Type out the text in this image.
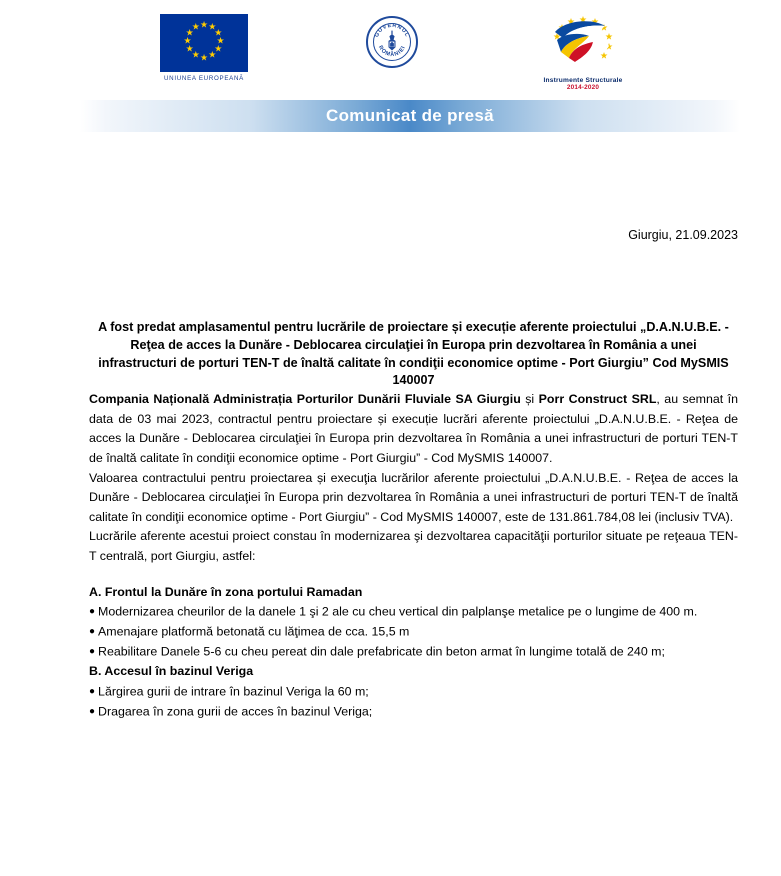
★ ★
★
★
★
★
★
★
★
★
★
★
UNIUNEA EUROPEANĂ
GUVERNUL
ROMÂNIEI
Instrumente Structurale
2014-2020
Comunicat de presă
Giurgiu, 21.09.2023
A fost predat amplasamentul pentru lucrările de proiectare și execuție aferente proiectului „D.A.N.U.B.E. - Reţea de acces la Dunăre - Deblocarea circulaţiei în Europa prin dezvoltarea în România a unei infrastructuri de porturi TEN-T de înaltă calitate în condiţii economice optime - Port Giurgiu” Cod MySMIS 140007

Compania Națională Administrația Porturilor Dunării Fluviale SA Giurgiu și Porr Construct SRL, au semnat în data de 03 mai 2023, contractul pentru proiectare și execuție lucrări aferente proiectului „D.A.N.U.B.E. - Reţea de acces la Dunăre - Deblocarea circulaţiei în Europa prin dezvoltarea în România a unei infrastructuri de porturi TEN-T de înaltă calitate în condiţii economice optime - Port Giurgiu” - Cod MySMIS 140007.

Valoarea contractului pentru proiectarea și execuţia lucrărilor aferente proiectului „D.A.N.U.B.E. - Reţea de acces la Dunăre - Deblocarea circulaţiei în Europa prin dezvoltarea în România a unei infrastructuri de porturi TEN-T de înaltă calitate în condiţii economice optime - Port Giurgiu” - Cod MySMIS 140007, este de 131.861.784,08 lei (inclusiv TVA).

Lucrările aferente acestui proiect constau în modernizarea şi dezvoltarea capacităţii porturilor situate pe reţeaua TEN-T centrală, port Giurgiu, astfel:

A. Frontul la Dunăre în zona portului Ramadan

● Modernizarea cheurilor de la danele 1 şi 2 ale cu cheu vertical din palplanşe metalice pe o lungime de 400 m.

● Amenajare platformă betonată cu lăţimea de cca. 15,5 m

● Reabilitare Danele 5-6 cu cheu pereat din dale prefabricate din beton armat în lungime totală de 240 m;

B. Accesul în bazinul Veriga

● Lărgirea gurii de intrare în bazinul Veriga la 60 m;

● Dragarea în zona gurii de acces în bazinul Veriga;
